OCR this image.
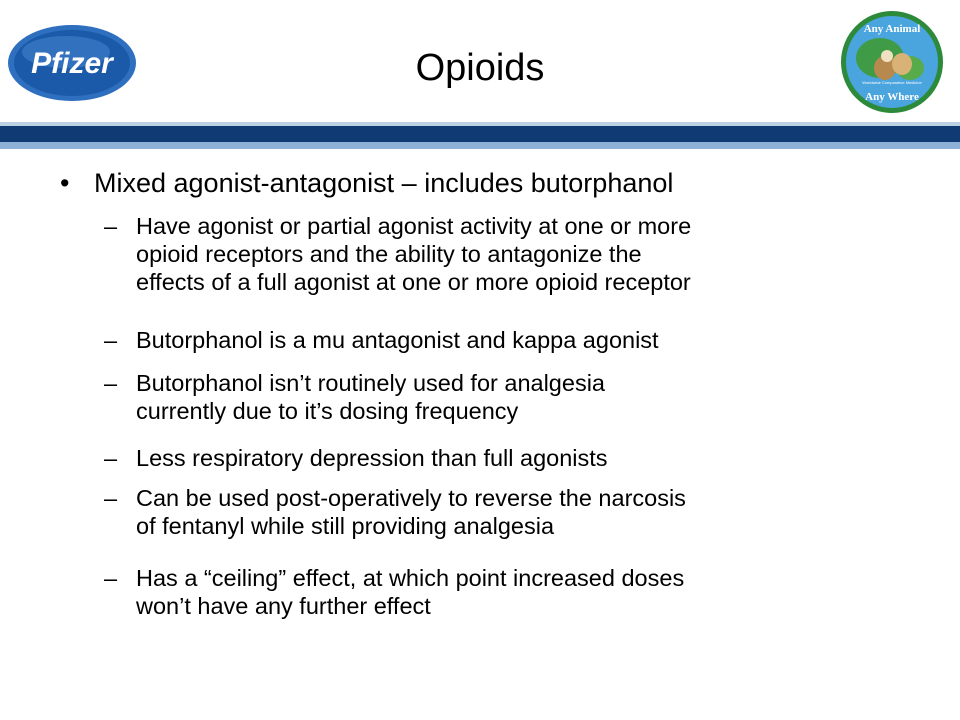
Pfizer
Any Animal
Worldwide Comparative Medicine
Any Where
Opioids
• Mixed agonist-antagonist – includes butorphanol
– Have agonist or partial agonist activity at one or more
opioid receptors and the ability to antagonize the
effects of a full agonist at one or more opioid receptor
– Butorphanol is a mu antagonist and kappa agonist
– Butorphanol isn’t routinely used for analgesia
currently due to it’s dosing frequency
– Less respiratory depression than full agonists
– Can be used post-operatively to reverse the narcosis
of fentanyl while still providing analgesia
– Has a “ceiling” effect, at which point increased doses
won’t have any further effect
